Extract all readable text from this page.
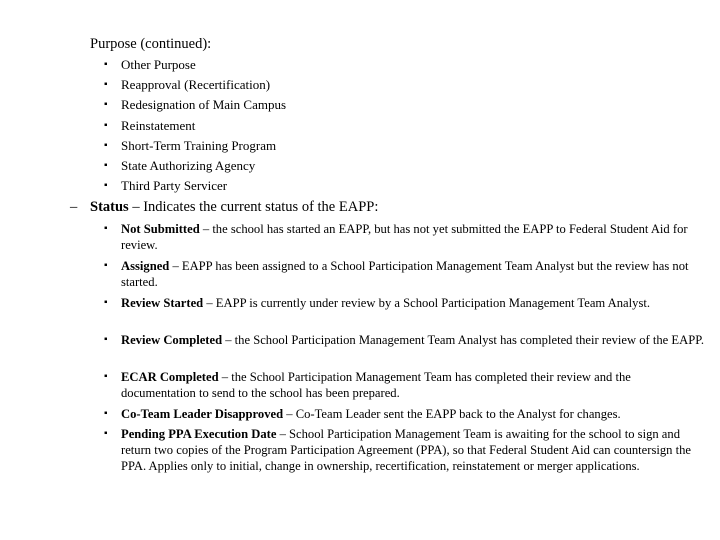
Purpose (continued):
▪ Other Purpose
▪ Reapproval (Recertification)
▪ Redesignation of Main Campus
▪ Reinstatement
▪ Short-Term Training Program
▪ State Authorizing Agency
▪ Third Party Servicer
– Status – Indicates the current status of the EAPP:
▪ Not Submitted – the school has started an EAPP, but has not yet submitted the EAPP to Federal Student Aid for review.
▪ Assigned – EAPP has been assigned to a School Participation Management Team Analyst but the review has not started.
▪ Review Started – EAPP is currently under review by a School Participation Management Team Analyst.
▪ Review Completed – the School Participation Management Team Analyst has completed their review of the EAPP.
▪ ECAR Completed – the School Participation Management Team has completed their review and the documentation to send to the school has been prepared.
▪ Co-Team Leader Disapproved – Co-Team Leader sent the EAPP back to the Analyst for changes.
▪ Pending PPA Execution Date – School Participation Management Team is awaiting for the school to sign and return two copies of the Program Participation Agreement (PPA), so that Federal Student Aid can countersign the PPA. Applies only to initial, change in ownership, recertification, reinstatement or merger applications.
